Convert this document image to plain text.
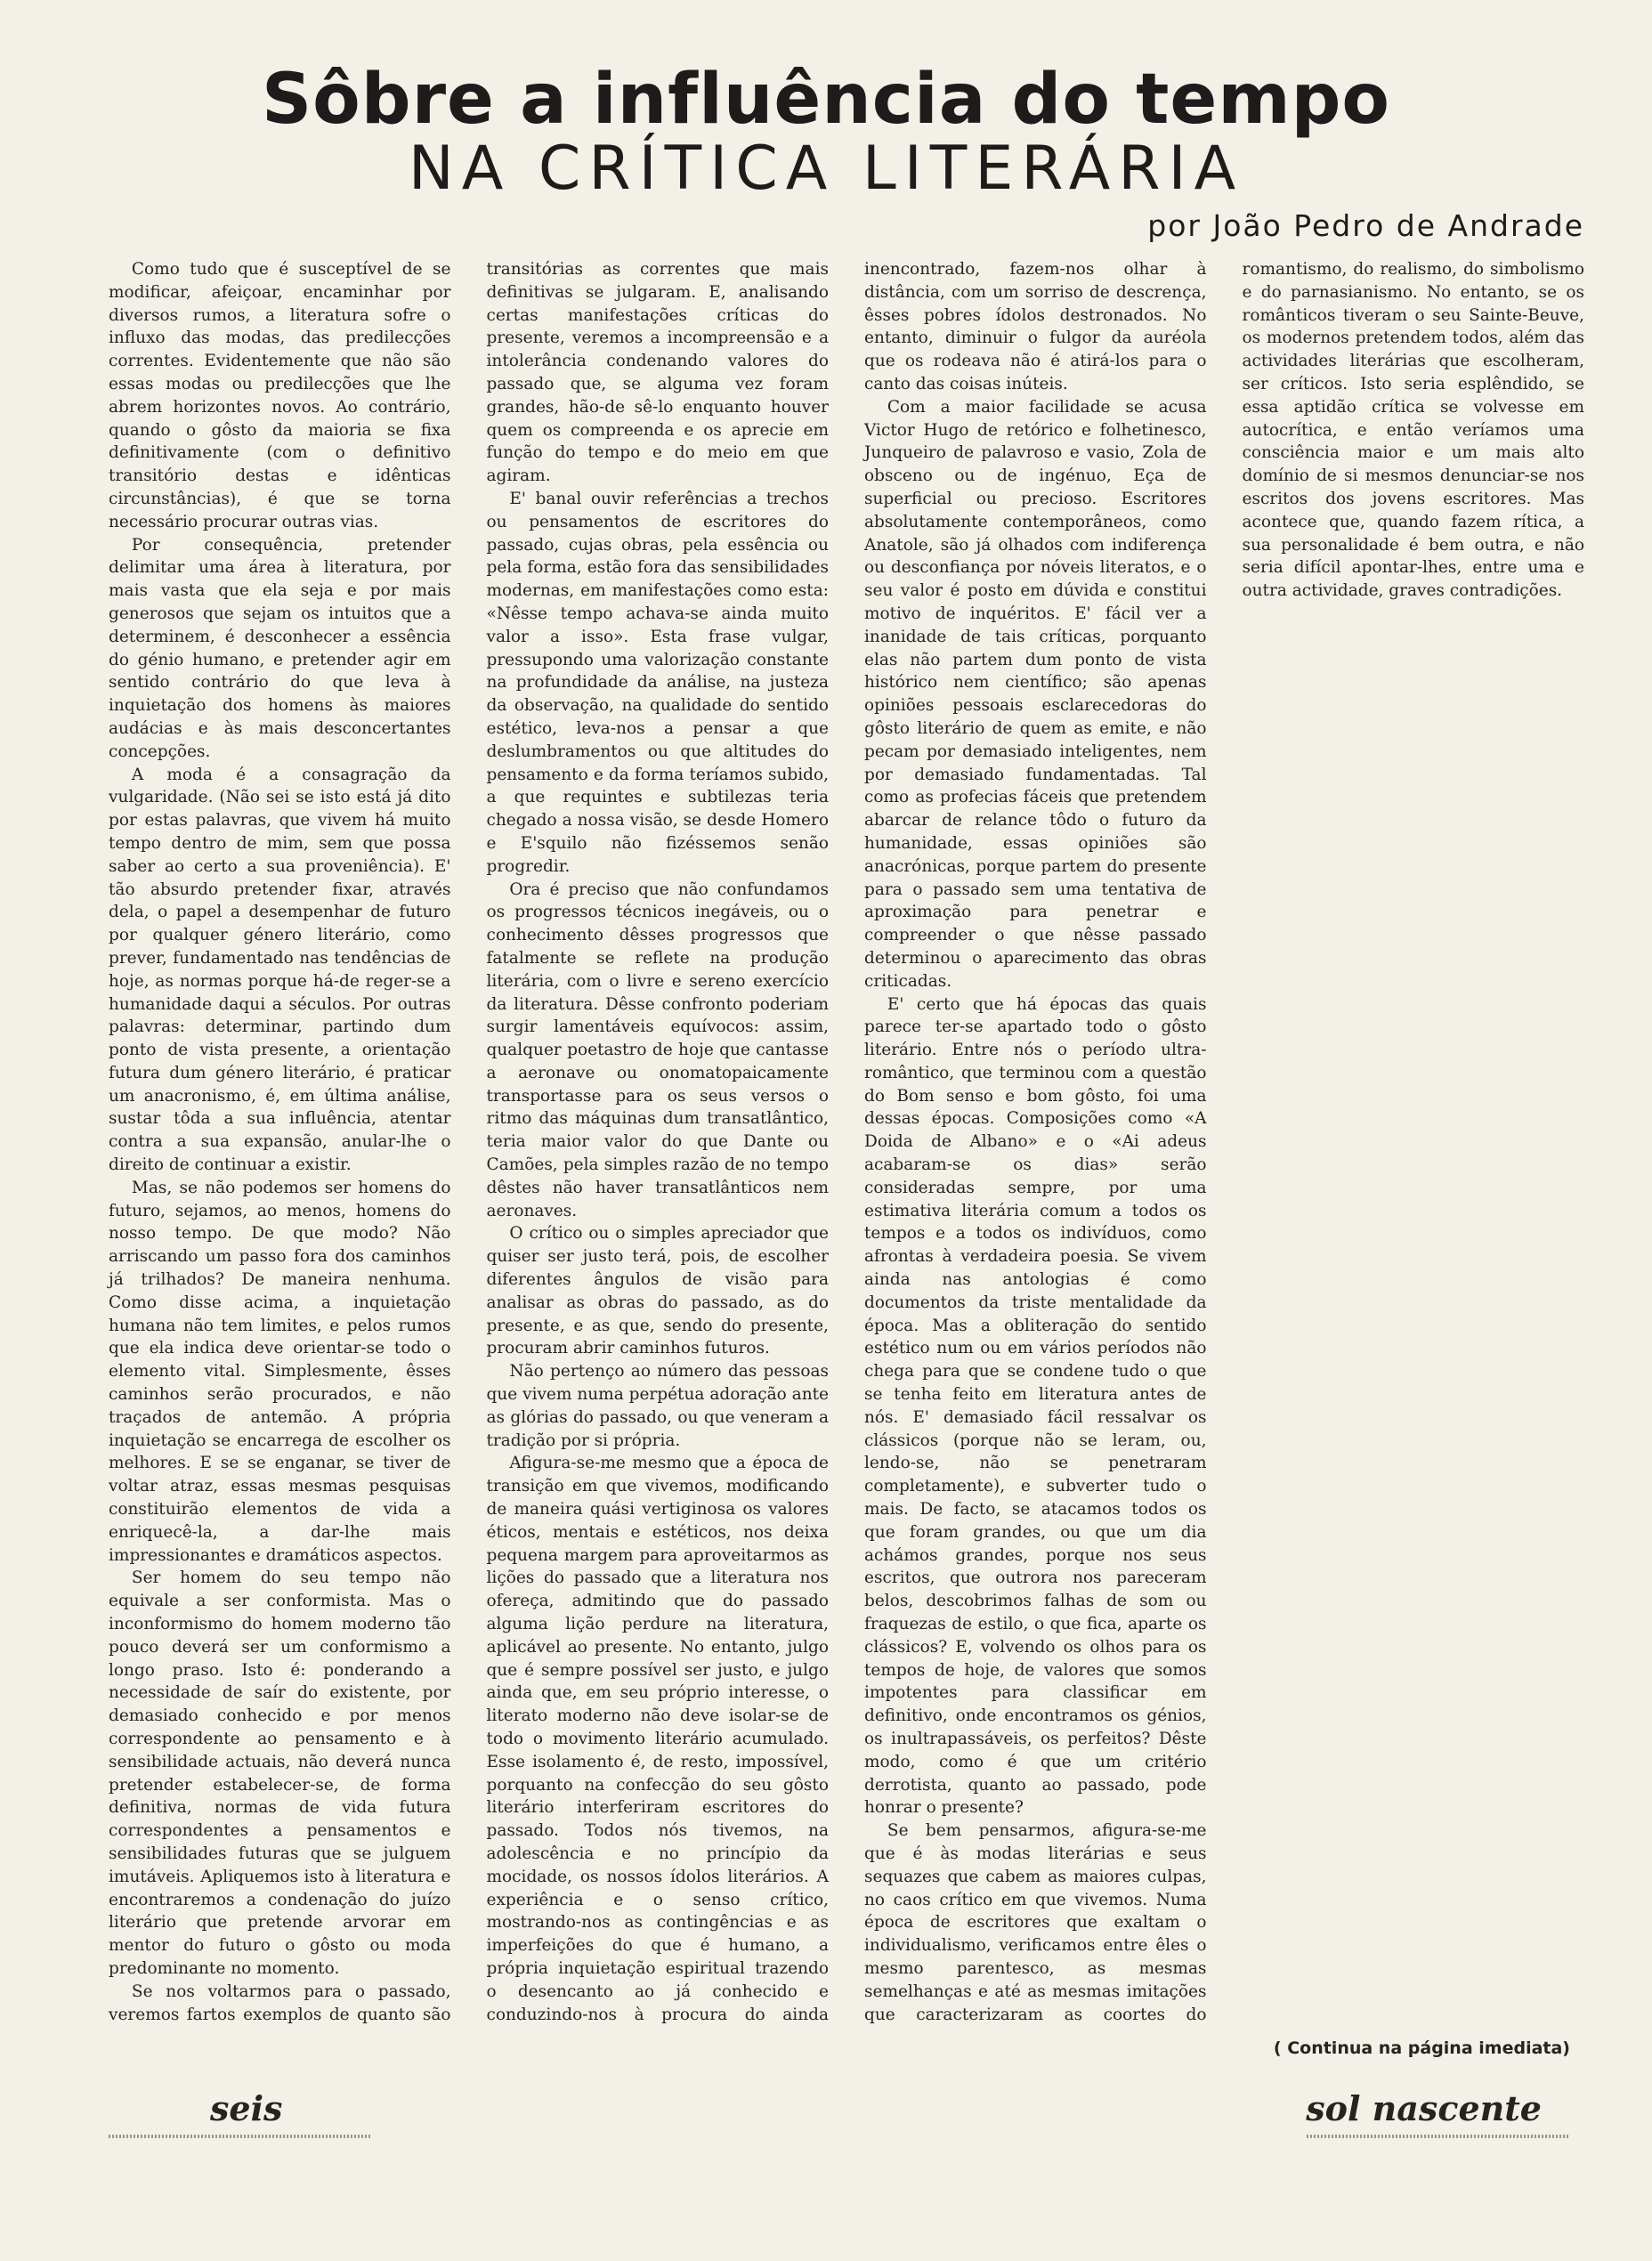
Sôbre a influência do tempo
NA CRÍTICA LITERÁRIA
por João Pedro de Andrade

Como tudo que é susceptível de se modificar, afeiçoar, encaminhar por diversos rumos, a literatura sofre o influxo das modas, das predilecções correntes. Evidentemente que não são essas modas ou predilecções que lhe abrem horizontes novos. Ao contrário, quando o gôsto da maioria se fixa definitivamente (com o definitivo transitório destas e idênticas circunstâncias), é que se torna necessário procurar outras vias.

Por consequência, pretender delimitar uma área à literatura, por mais vasta que ela seja e por mais generosos que sejam os intuitos que a determinem, é desconhecer a essência do génio humano, e pretender agir em sentido contrário do que leva à inquietação dos homens às maiores audácias e às mais desconcertantes concepções.

A moda é a consagração da vulgaridade. (Não sei se isto está já dito por estas palavras, que vivem há muito tempo dentro de mim, sem que possa saber ao certo a sua proveniência). E' tão absurdo pretender fixar, através dela, o papel a desempenhar de futuro por qualquer género literário, como prever, fundamentado nas tendências de hoje, as normas porque há-de reger-se a humanidade daqui a séculos. Por outras palavras: determinar, partindo dum ponto de vista presente, a orientação futura dum género literário, é praticar um anacronismo, é, em última análise, sustar tôda a sua influência, atentar contra a sua expansão, anular-lhe o direito de continuar a existir.

Mas, se não podemos ser homens do futuro, sejamos, ao menos, homens do nosso tempo. De que modo? Não arriscando um passo fora dos caminhos já trilhados? De maneira nenhuma. Como disse acima, a inquietação humana não tem limites, e pelos rumos que ela indica deve orientar-se todo o elemento vital. Simplesmente, êsses caminhos serão procurados, e não traçados de antemão. A própria inquietação se encarrega de escolher os melhores. E se se enganar, se tiver de voltar atraz, essas mesmas pesquisas constituirão elementos de vida a enriquecê-la, a dar-lhe mais impressionantes e dramáticos aspectos.

Ser homem do seu tempo não equivale a ser conformista. Mas o inconformismo do homem moderno tão pouco deverá ser um conformismo a longo praso. Isto é: ponderando a necessidade de saír do existente, por demasiado conhecido e por menos correspondente ao pensamento e à sensibilidade actuais, não deverá nunca pretender estabelecer-se, de forma definitiva, normas de vida futura correspondentes a pensamentos e sensibilidades futuras que se julguem imutáveis. Apliquemos isto à literatura e encontraremos a condenação do juízo literário que pretende arvorar em mentor do futuro o gôsto ou moda predominante no momento.

Se nos voltarmos para o passado, veremos fartos exemplos de quanto são transitórias as correntes que mais definitivas se julgaram. E, analisando certas manifestações críticas do presente, veremos a incompreensão e a intolerância condenando valores do passado que, se alguma vez foram grandes, hão-de sê-lo enquanto houver quem os compreenda e os aprecie em função do tempo e do meio em que agiram.

E' banal ouvir referências a trechos ou pensamentos de escritores do passado, cujas obras, pela essência ou pela forma, estão fora das sensibilidades modernas, em manifestações como esta: «Nêsse tempo achava-se ainda muito valor a isso». Esta frase vulgar, pressupondo uma valorização constante na profundidade da análise, na justeza da observação, na qualidade do sentido estético, leva-nos a pensar a que deslumbramentos ou que altitudes do pensamento e da forma teríamos subido, a que requintes e subtilezas teria chegado a nossa visão, se desde Homero e E'squilo não fizéssemos senão progredir.

Ora é preciso que não confundamos os progressos técnicos inegáveis, ou o conhecimento dêsses progressos que fatalmente se reflete na produção literária, com o livre e sereno exercício da literatura. Dêsse confronto poderiam surgir lamentáveis equívocos: assim, qualquer poetastro de hoje que cantasse a aeronave ou onomatopaicamente transportasse para os seus versos o ritmo das máquinas dum transatlântico, teria maior valor do que Dante ou Camões, pela simples razão de no tempo dêstes não haver transatlânticos nem aeronaves.

O crítico ou o simples apreciador que quiser ser justo terá, pois, de escolher diferentes ângulos de visão para analisar as obras do passado, as do presente, e as que, sendo do presente, procuram abrir caminhos futuros.

Não pertenço ao número das pessoas que vivem numa perpétua adoração ante as glórias do passado, ou que veneram a tradição por si própria.

Afigura-se-me mesmo que a época de transição em que vivemos, modificando de maneira quási vertiginosa os valores éticos, mentais e estéticos, nos deixa pequena margem para aproveitarmos as lições do passado que a literatura nos ofereça, admitindo que do passado alguma lição perdure na literatura, aplicável ao presente. No entanto, julgo que é sempre possível ser justo, e julgo ainda que, em seu próprio interesse, o literato moderno não deve isolar-se de todo o movimento literário acumulado. Esse isolamento é, de resto, impossível, porquanto na confecção do seu gôsto literário interferiram escritores do passado. Todos nós tivemos, na adolescência e no princípio da mocidade, os nossos ídolos literários. A experiência e o senso crítico, mostrando-nos as contingências e as imperfeições do que é humano, a própria inquietação espiritual trazendo o desencanto ao já conhecido e conduzindo-nos à procura do ainda inencontrado, fazem-nos olhar à distância, com um sorriso de descrença, êsses pobres ídolos destronados. No entanto, diminuir o fulgor da auréola que os rodeava não é atirá-los para o canto das coisas inúteis.

Com a maior facilidade se acusa Victor Hugo de retórico e folhetinesco, Junqueiro de palavroso e vasio, Zola de obsceno ou de ingénuo, Eça de superficial ou precioso. Escritores absolutamente contemporâneos, como Anatole, são já olhados com indiferença ou desconfiança por nóveis literatos, e o seu valor é posto em dúvida e constitui motivo de inquéritos. E' fácil ver a inanidade de tais críticas, porquanto elas não partem dum ponto de vista histórico nem científico; são apenas opiniões pessoais esclarecedoras do gôsto literário de quem as emite, e não pecam por demasiado inteligentes, nem por demasiado fundamentadas. Tal como as profecias fáceis que pretendem abarcar de relance tôdo o futuro da humanidade, essas opiniões são anacrónicas, porque partem do presente para o passado sem uma tentativa de aproximação para penetrar e compreender o que nêsse passado determinou o aparecimento das obras criticadas.

E' certo que há épocas das quais parece ter-se apartado todo o gôsto literário. Entre nós o período ultra-romântico, que terminou com a questão do Bom senso e bom gôsto, foi uma dessas épocas. Composições como «A Doida de Albano» e o «Ai adeus acabaram-se os dias» serão consideradas sempre, por uma estimativa literária comum a todos os tempos e a todos os indivíduos, como afrontas à verdadeira poesia. Se vivem ainda nas antologias é como documentos da triste mentalidade da época. Mas a obliteração do sentido estético num ou em vários períodos não chega para que se condene tudo o que se tenha feito em literatura antes de nós. E' demasiado fácil ressalvar os clássicos (porque não se leram, ou, lendo-se, não se penetraram completamente), e subverter tudo o mais. De facto, se atacamos todos os que foram grandes, ou que um dia achámos grandes, porque nos seus escritos, que outrora nos pareceram belos, descobrimos falhas de som ou fraquezas de estilo, o que fica, aparte os clássicos? E, volvendo os olhos para os tempos de hoje, de valores que somos impotentes para classificar em definitivo, onde encontramos os génios, os inultrapassáveis, os perfeitos? Dêste modo, como é que um critério derrotista, quanto ao passado, pode honrar o presente?

Se bem pensarmos, afigura-se-me que é às modas literárias e seus sequazes que cabem as maiores culpas, no caos crítico em que vivemos. Numa época de escritores que exaltam o individualismo, verificamos entre êles o mesmo parentesco, as mesmas semelhanças e até as mesmas imitações que caracterizaram as coortes do romantismo, do realismo, do simbolismo e do parnasianismo. No entanto, se os românticos tiveram o seu Sainte-Beuve, os modernos pretendem todos, além das actividades literárias que escolheram, ser críticos. Isto seria esplêndido, se essa aptidão crítica se volvesse em autocrítica, e então veríamos uma consciência maior e um mais alto domínio de si mesmos denunciar-se nos escritos dos jovens escritores. Mas acontece que, quando fazem rítica, a sua personalidade é bem outra, e não seria difícil apontar-lhes, entre uma e outra actividade, graves contradições.

( Continua na página imediata)
seis	sol nascente
